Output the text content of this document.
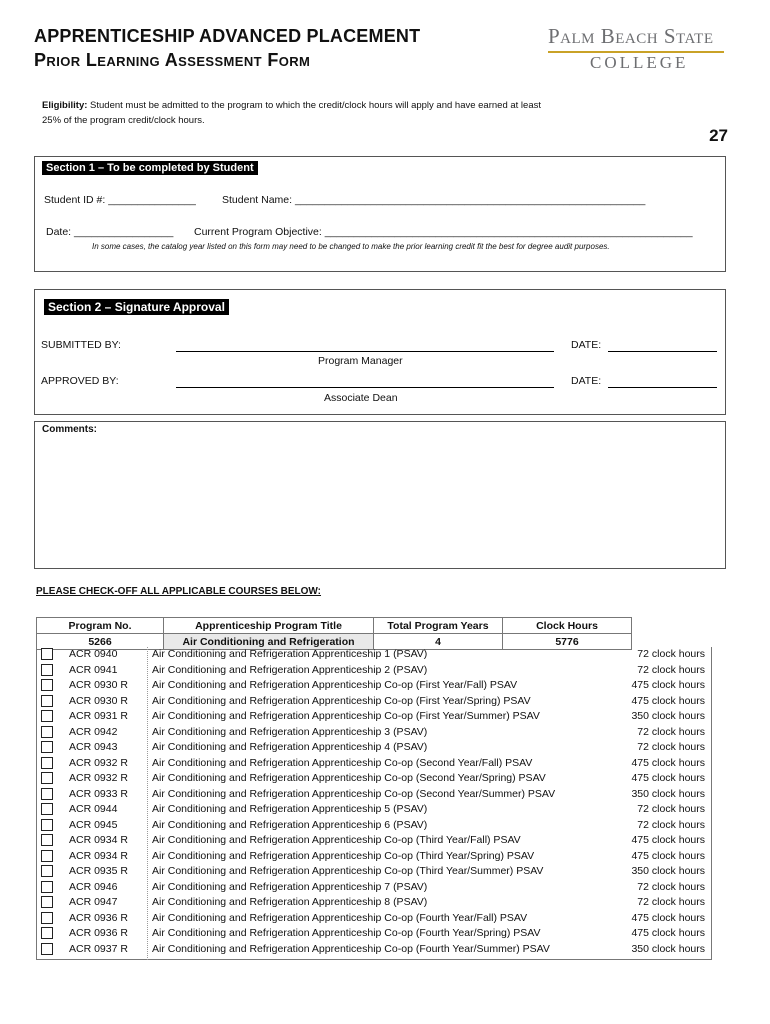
APPRENTICESHIP ADVANCED PLACEMENT
Prior Learning Assessment Form
Palm Beach State
COLLEGE
Eligibility: Student must be admitted to the program to which the credit/clock hours will apply and have earned at least 25% of the program credit/clock hours.
27
Section 1 – To be completed by Student
Student ID #: _______________ Student Name: ____________________________________________________________
Date: _________________ Current Program Objective: _______________________________________________________________
In some cases, the catalog year listed on this form may need to be changed to make the prior learning credit fit the best for degree audit purposes.
Section 2 – Signature Approval
SUBMITTED BY:	DATE:
Program Manager
APPROVED BY:	DATE:
Associate Dean
Comments:
PLEASE CHECK-OFF ALL APPLICABLE COURSES BELOW:
Program No.	Apprenticeship Program Title	Total Program Years	Clock Hours
5266	Air Conditioning and Refrigeration	4	5776
ACR 0940	Air Conditioning and Refrigeration Apprenticeship 1 (PSAV)	72 clock hours
ACR 0941	Air Conditioning and Refrigeration Apprenticeship 2 (PSAV)	72 clock hours
ACR 0930 R Air Conditioning and Refrigeration Apprenticeship Co-op (First Year/Fall) PSAV	475 clock hours
ACR 0930 R Air Conditioning and Refrigeration Apprenticeship Co-op (First Year/Spring) PSAV	475 clock hours
ACR 0931 R Air Conditioning and Refrigeration Apprenticeship Co-op (First Year/Summer) PSAV	350 clock hours
ACR 0942	Air Conditioning and Refrigeration Apprenticeship 3 (PSAV)	72 clock hours
ACR 0943	Air Conditioning and Refrigeration Apprenticeship 4 (PSAV)	72 clock hours
ACR 0932 R Air Conditioning and Refrigeration Apprenticeship Co-op (Second Year/Fall) PSAV	475 clock hours
ACR 0932 R Air Conditioning and Refrigeration Apprenticeship Co-op (Second Year/Spring) PSAV	475 clock hours
ACR 0933 R Air Conditioning and Refrigeration Apprenticeship Co-op (Second Year/Summer) PSAV	350 clock hours
ACR 0944	Air Conditioning and Refrigeration Apprenticeship 5 (PSAV)	72 clock hours
ACR 0945	Air Conditioning and Refrigeration Apprenticeship 6 (PSAV)	72 clock hours
ACR 0934 R Air Conditioning and Refrigeration Apprenticeship Co-op (Third Year/Fall) PSAV	475 clock hours
ACR 0934 R Air Conditioning and Refrigeration Apprenticeship Co-op (Third Year/Spring) PSAV	475 clock hours
ACR 0935 R Air Conditioning and Refrigeration Apprenticeship Co-op (Third Year/Summer) PSAV	350 clock hours
ACR 0946	Air Conditioning and Refrigeration Apprenticeship 7 (PSAV)	72 clock hours
ACR 0947	Air Conditioning and Refrigeration Apprenticeship 8 (PSAV)	72 clock hours
ACR 0936 R Air Conditioning and Refrigeration Apprenticeship Co-op (Fourth Year/Fall) PSAV	475 clock hours
ACR 0936 R Air Conditioning and Refrigeration Apprenticeship Co-op (Fourth Year/Spring) PSAV	475 clock hours
ACR 0937 R Air Conditioning and Refrigeration Apprenticeship Co-op (Fourth Year/Summer) PSAV	350 clock hours
